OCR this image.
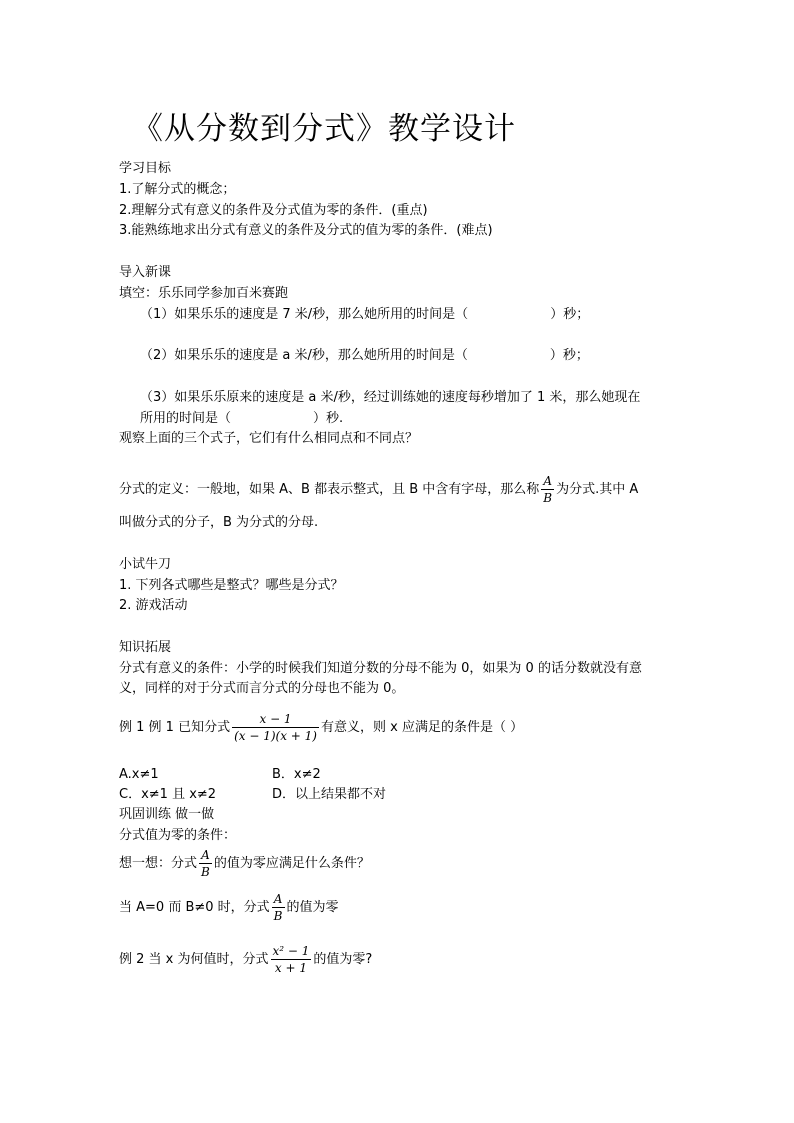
《从分数到分式》教学设计
学习目标
1.了解分式的概念；
2.理解分式有意义的条件及分式值为零的条件．(重点)
3.能熟练地求出分式有意义的条件及分式的值为零的条件．(难点)
导入新课
填空：乐乐同学参加百米赛跑
（1）如果乐乐的速度是 7 米/秒，那么她所用的时间是（	）秒；
（2）如果乐乐的速度是 a 米/秒，那么她所用的时间是（	）秒；
（3）如果乐乐原来的速度是 a 米/秒，经过训练她的速度每秒增加了 1 米，那么她现在
所用的时间是（	）秒.
观察上面的三个式子，它们有什么相同点和不同点？
分式的定义：一般地，如果 A、B 都表示整式，且 B 中含有字母，那么称 $\frac{A}{B}$ 为分式.其中 A
叫做分式的分子，B 为分式的分母.
小试牛刀
1. 下列各式哪些是整式？哪些是分式？
2. 游戏活动
知识拓展
分式有意义的条件：小学的时候我们知道分数的分母不能为 0，如果为 0 的话分数就没有意
义，同样的对于分式而言分式的分母也不能为 0。
例 1 例 1 已知分式 $\frac{x - 1}{(x - 1)(x + 1)}$ 有意义，则 x 应满足的条件是（ ）
A.x≠1	B．x≠2
C．x≠1 且 x≠2	D．以上结果都不对
巩固训练 做一做
分式值为零的条件：
想一想：分式 $\frac{A}{B}$ 的值为零应满足什么条件？
当 A=0 而 B≠0 时，分式 $\frac{A}{B}$ 的值为零
例 2 当 x 为何值时，分式 $\frac{\text{x² − 1}}{x + 1}$ 的值为零?
